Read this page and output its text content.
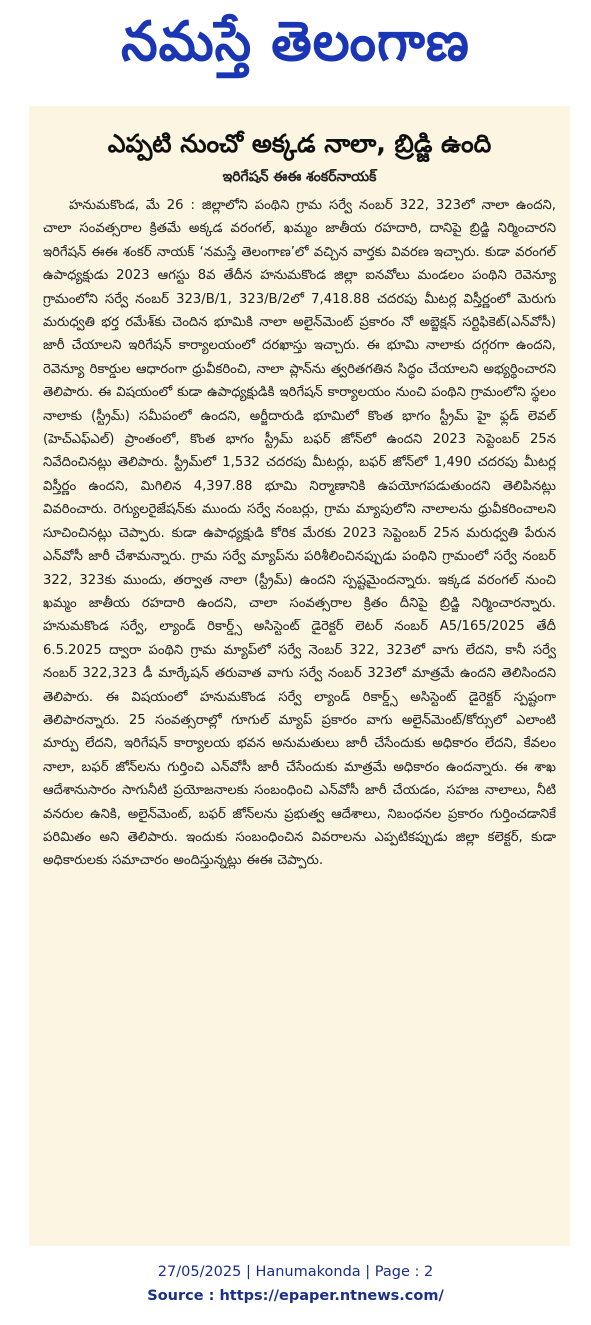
నమస్తే తెలంగాణ
ఎప్పటి నుంచో అక్కడ నాలా, బ్రిడ్జి ఉంది
ఇరిగేషన్ ఈఈ శంకర్‌నాయక్

హనుమకొండ, మే 26 : జిల్లాలోని పంథిని గ్రామ సర్వే నంబర్ 322, 323లో నాలా ఉందని, చాలా సంవత్సరాల క్రితమే అక్కడ వరంగల్, ఖమ్మం జాతీయ రహదారి, దానిపై బ్రిడ్జి నిర్మించారని ఇరిగేషన్ ఈఈ శంకర్ నాయక్ ‘నమస్తే తెలంగాణ’లో వచ్చిన వార్తకు వివరణ ఇచ్చారు. కుడా వరంగల్ ఉపాధ్యక్షుడు 2023 ఆగస్టు 8వ తేదీన హనుమకొండ జిల్లా ఐనవోలు మండలం పంథిని రెవెన్యూ గ్రామంలోని సర్వే నంబర్ 323/B/1, 323/B/2లో 7,418.88 చదరపు మీటర్ల విస్తీర్ణంలో మెరుగు మరుధ్వతి భర్త రమేశ్‌కు చెందిన భూమికి నాలా అలైన్‌మెంట్ ప్రకారం నో అబ్జెక్షన్ సర్టిఫికెట్(ఎన్‌వోసీ) జారీ చేయాలని ఇరిగేషన్ కార్యాలయంలో దరఖాస్తు ఇచ్చారు. ఈ భూమి నాలాకు దగ్గరగా ఉందని, రెవెన్యూ రికార్డుల ఆధారంగా ధ్రువీకరించి, నాలా ప్లాన్‌ను త్వరితగతిన సిద్ధం చేయాలని అభ్యర్థించారని తెలిపారు. ఈ విషయంలో కుడా ఉపాధ్యక్షుడికి ఇరిగేషన్ కార్యాలయం నుంచి పంథిని గ్రామంలోని స్థలం నాలాకు (స్ట్రీమ్) సమీపంలో ఉందని, అర్జీదారుడి భూమిలో కొంత భాగం స్ట్రీమ్ హై ఫ్లడ్ లెవల్ (హెచ్‌ఎఫ్‌ఎల్) ప్రాంతంలో, కొంత భాగం స్ట్రీమ్ బఫర్ జోన్‌లో ఉందని 2023 సెప్టెంబర్ 25న నివేదించినట్లు తెలిపారు. స్ట్రీమ్‌లో 1,532 చదరపు మీటర్లు, బఫర్ జోన్‌లో 1,490 చదరపు మీటర్ల విస్తీర్ణం ఉందని, మిగిలిన 4,397.88 భూమి నిర్మాణానికి ఉపయోగపడుతుందని తెలిపినట్లు వివరించారు. రెగ్యులరైజేషన్‌కు ముందు సర్వే నంబర్లు, గ్రామ మ్యాపులోని నాలాలను ధ్రువీకరించాలని సూచించినట్లు చెప్పారు. కుడా ఉపాధ్యక్షుడి కోరిక మేరకు 2023 సెప్టెంబర్ 25న మరుధ్వతి పేరున ఎన్‌వోసీ జారీ చేశామన్నారు. గ్రామ సర్వే మ్యాప్‌ను పరిశీలించినప్పుడు పంథిని గ్రామంలో సర్వే నంబర్ 322, 323కు ముందు, తర్వాత నాలా (స్ట్రీమ్) ఉందని స్పష్టమైందన్నారు. ఇక్కడ వరంగల్ నుంచి ఖమ్మం జాతీయ రహదారి ఉందని, చాలా సంవత్సరాల క్రితం దీనిపై బ్రిడ్జి నిర్మించారన్నారు. హనుమకొండ సర్వే, ల్యాండ్ రికార్డ్స్ అసిస్టెంట్ డైరెక్టర్ లెటర్ నంబర్ A5/165/2025 తేదీ 6.5.2025 ద్వారా పంథిని గ్రామ మ్యాప్‌లో సర్వే నెంబర్ 322, 323లో వాగు లేదని, కానీ సర్వే నంబర్ 322,323 డీ మార్కేషన్ తరువాత వాగు సర్వే నంబర్ 323లో మాత్రమే ఉందని తెలిసిందని తెలిపారు. ఈ విషయంలో హనుమకొండ సర్వే ల్యాండ్ రికార్డ్స్ అసిస్టెంట్ డైరెక్టర్ స్పష్టంగా తెలిపారన్నారు. 25 సంవత్సరాల్లో గూగుల్ మ్యాప్ ప్రకారం వాగు అలైన్‌మెంట్/కోర్సులో ఎలాంటి మార్పు లేదని, ఇరిగేషన్ కార్యాలయ భవన అనుమతులు జారీ చేసేందుకు అధికారం లేదని, కేవలం నాలా, బఫర్ జోన్‌లను గుర్తించి ఎన్‌వోసీ జారీ చేసేందుకు మాత్రమే అధికారం ఉందన్నారు. ఈ శాఖ ఆదేశానుసారం సాగునీటి ప్రయోజనాలకు సంబంధించి ఎన్‌వోసీ జారీ చేయడం, సహజ నాలాలు, నీటి వనరుల ఉనికి, అలైన్‌మెంట్, బఫర్ జోన్‌లను ప్రభుత్వ ఆదేశాలు, నిబంధనల ప్రకారం గుర్తించడానికే పరిమితం అని తెలిపారు. ఇందుకు సంబంధించిన వివరాలను ఎప్పటికప్పుడు జిల్లా కలెక్టర్, కుడా అధికారులకు సమాచారం అందిస్తున్నట్లు ఈఈ చెప్పారు.

27/05/2025 | Hanumakonda | Page : 2
Source : https://epaper.ntnews.com/
